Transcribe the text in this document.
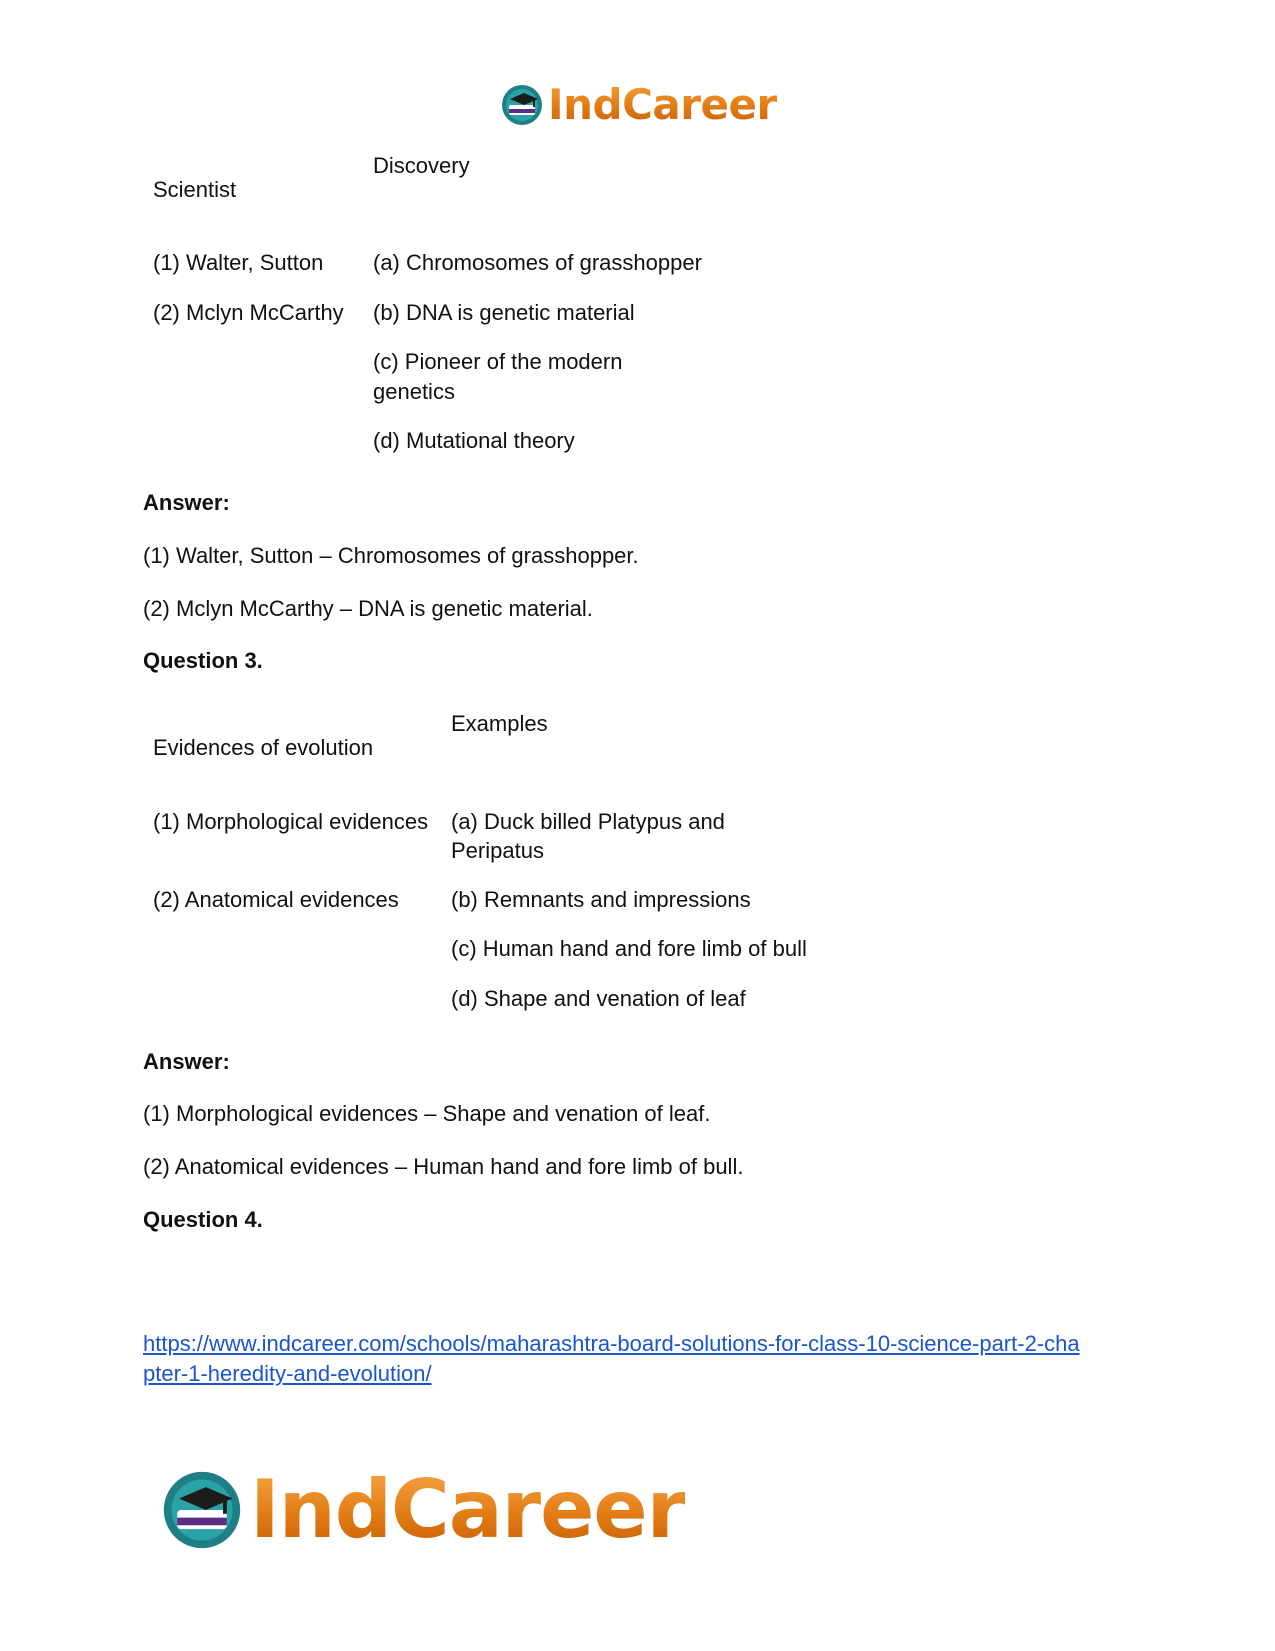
IndCareer
Scientist
Discovery
(1) Walter, Sutton (a) Chromosomes of grasshopper
(2) Mclyn McCarthy (b) DNA is genetic material
(c) Pioneer of the modern
genetics
(d) Mutational theory
Answer:
(1) Walter, Sutton – Chromosomes of grasshopper.
(2) Mclyn McCarthy – DNA is genetic material.
Question 3.
Evidences of evolution
Examples
(1) Morphological evidences (a) Duck billed Platypus and
Peripatus
(2) Anatomical evidences (b) Remnants and impressions
(c) Human hand and fore limb of bull
(d) Shape and venation of leaf
Answer:
(1) Morphological evidences – Shape and venation of leaf.
(2) Anatomical evidences – Human hand and fore limb of bull.
Question 4.
https://www.indcareer.com/schools/maharashtra-board-solutions-for-class-10-science-part-2-cha
pter-1-heredity-and-evolution/
IndCareer
